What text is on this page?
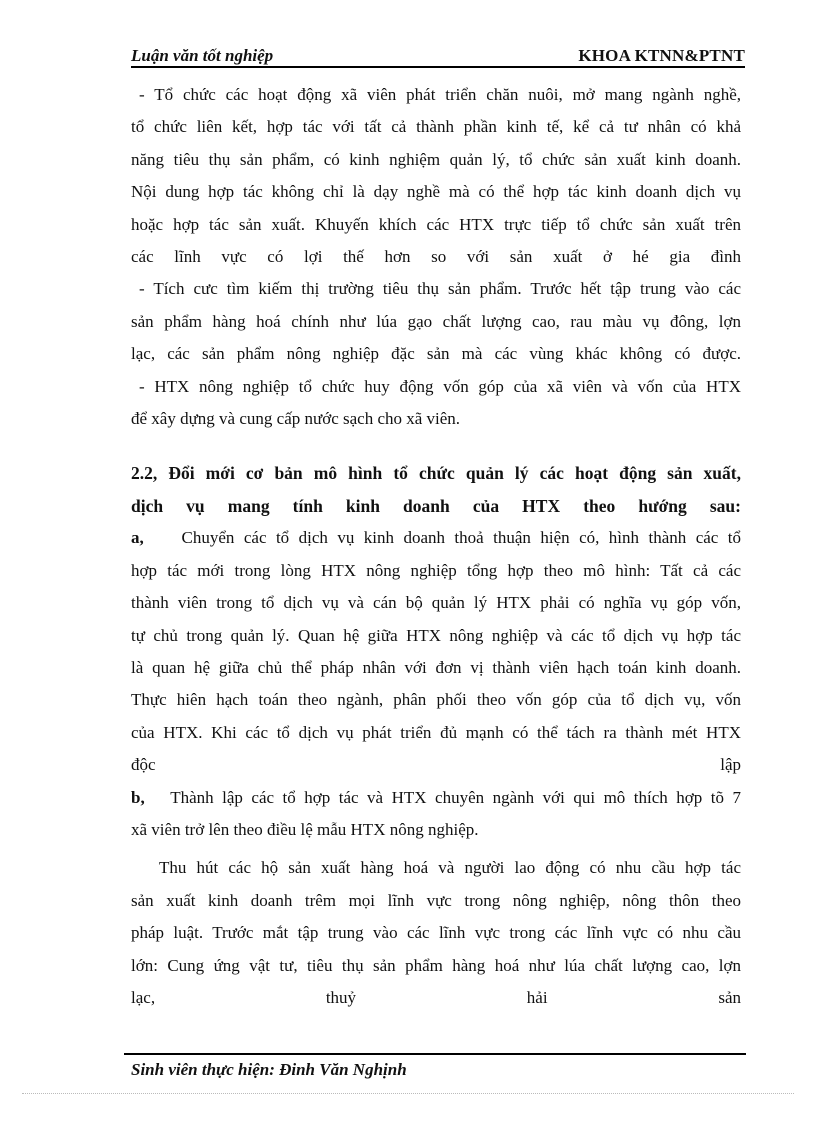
Luận văn tốt nghiệp	KHOA KTNN&PTNT
- Tổ chức các hoạt động xã viên phát triển chăn nuôi, mở mang ngành nghề,
tổ chức liên kết, hợp tác với tất cả thành phần kinh tế, kể cả tư nhân có khả
năng tiêu thụ sản phẩm, có kinh nghiệm quản lý, tổ chức sản xuất kinh doanh.
Nội dung hợp tác không chỉ là dạy nghề mà có thể hợp tác kinh doanh dịch vụ
hoặc hợp tác sản xuất. Khuyến khích các HTX trực tiếp tổ chức sản xuất trên
các lĩnh vực có lợi thế hơn so với sản xuất ở hé gia đình
- Tích cưc tìm kiếm thị trường tiêu thụ sản phẩm. Trước hết tập trung vào các
sản phẩm hàng hoá chính như lúa gạo chất lượng cao, rau màu vụ đông, lợn
lạc, các sản phẩm nông nghiệp đặc sản mà các vùng khác không có được.
- HTX nông nghiệp tổ chức huy động vốn góp của xã viên và vốn của HTX
để xây dựng và cung cấp nước sạch cho xã viên.
2.2, Đổi mới cơ bản mô hình tổ chức quản lý các hoạt động sản xuất,
dịch vụ mang tính kinh doanh của HTX theo hướng sau:
a, Chuyển các tổ dịch vụ kinh doanh thoả thuận hiện có, hình thành các tổ
hợp tác mới trong lòng HTX nông nghiệp tổng hợp theo mô hình: Tất cả các
thành viên trong tổ dịch vụ và cán bộ quản lý HTX phải có nghĩa vụ góp vốn,
tự chủ trong quản lý. Quan hệ giữa HTX nông nghiệp và các tổ dịch vụ hợp tác
là quan hệ giữa chủ thể pháp nhân với đơn vị thành viên hạch toán kinh doanh.
Thực hiên hạch toán theo ngành, phân phối theo vốn góp của tổ dịch vụ, vốn
của HTX. Khi các tổ dịch vụ phát triển đủ mạnh có thể tách ra thành mét HTX
độc lập
b, Thành lập các tổ hợp tác và HTX chuyên ngành với qui mô thích hợp tõ 7
xã viên trở lên theo điều lệ mẫu HTX nông nghiệp.
Thu hút các hộ sản xuất hàng hoá và người lao động có nhu cầu hợp tác
sản xuất kinh doanh trêm mọi lĩnh vực trong nông nghiệp, nông thôn theo
pháp luật. Trước mắt tập trung vào các lĩnh vực trong các lĩnh vực có nhu cầu
lớn: Cung ứng vật tư, tiêu thụ sản phẩm hàng hoá như lúa chất lượng cao, lợn
lạc, thuỷ hải sản
Sinh viên thực hiện: Đinh Văn Nghịnh
